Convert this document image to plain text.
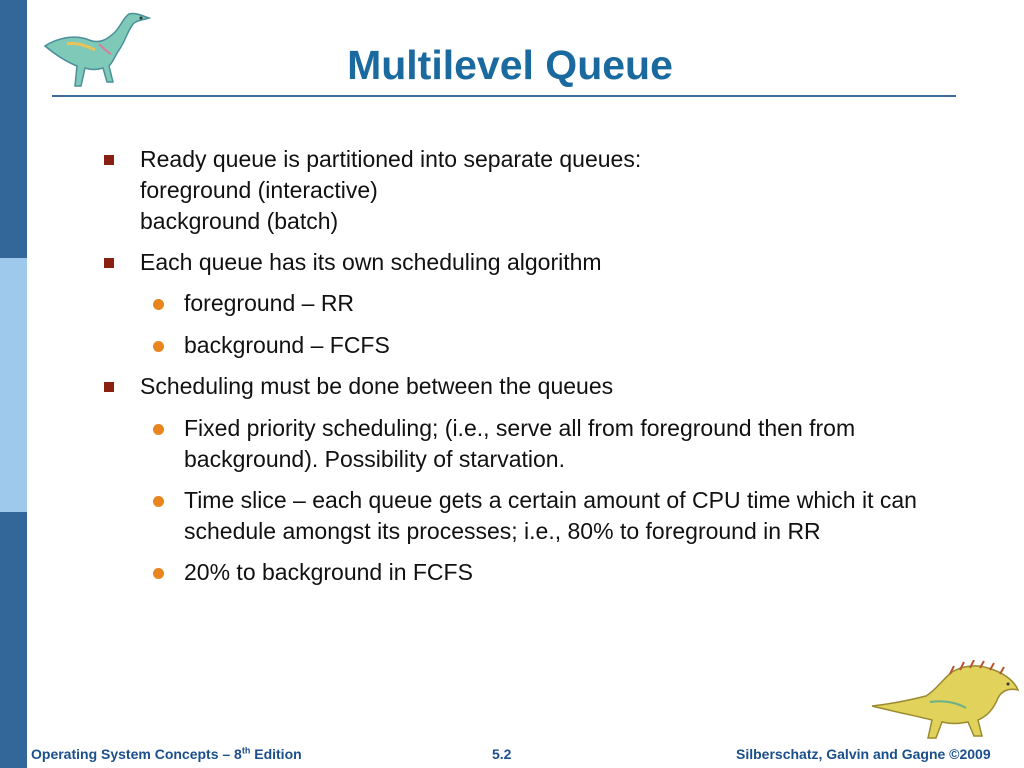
Multilevel Queue
Ready queue is partitioned into separate queues:
foreground (interactive)
background (batch)
Each queue has its own scheduling algorithm
foreground – RR
background – FCFS
Scheduling must be done between the queues
Fixed priority scheduling; (i.e., serve all from foreground then from
background). Possibility of starvation.
Time slice – each queue gets a certain amount of CPU time which it can
schedule amongst its processes; i.e., 80% to foreground in RR
20% to background in FCFS
Operating System Concepts – 8th Edition	5.2	Silberschatz, Galvin and Gagne ©2009
